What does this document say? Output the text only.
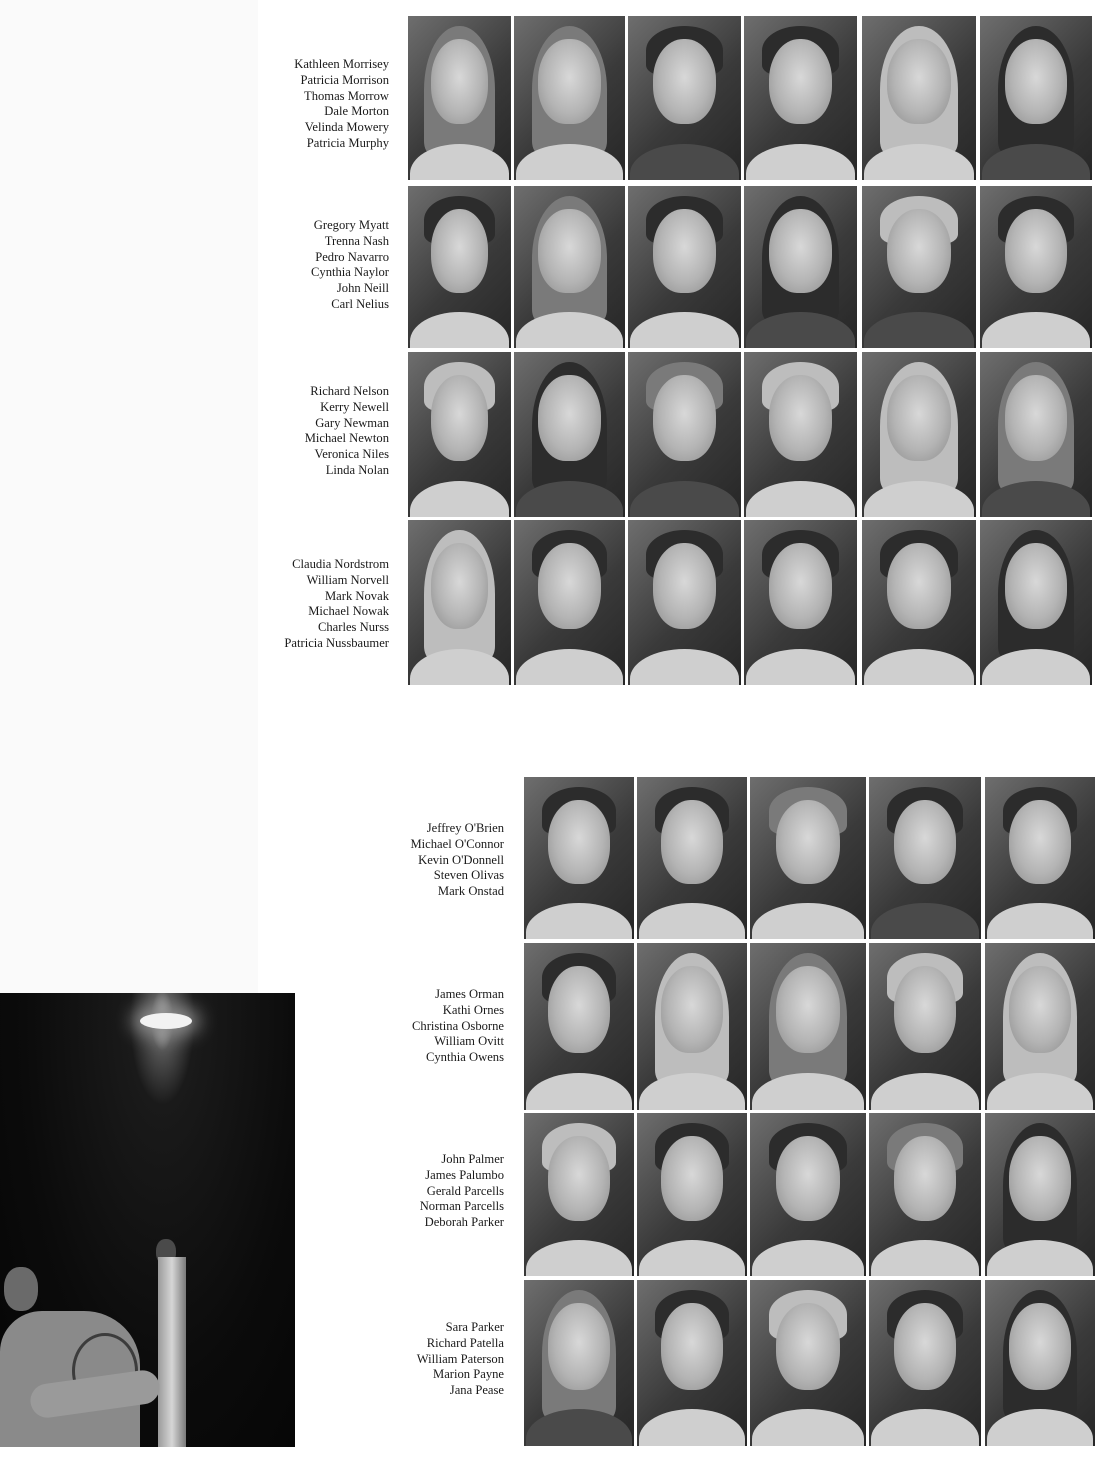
Kathleen Morrisey
Patricia Morrison
Thomas Morrow
Dale Morton
Velinda Mowery
Patricia Murphy
Gregory Myatt
Trenna Nash
Pedro Navarro
Cynthia Naylor
John Neill
Carl Nelius
Richard Nelson
Kerry Newell
Gary Newman
Michael Newton
Veronica Niles
Linda Nolan
Claudia Nordstrom
William Norvell
Mark Novak
Michael Nowak
Charles Nurss
Patricia Nussbaumer
Jeffrey O'Brien
Michael O'Connor
Kevin O'Donnell
Steven Olivas
Mark Onstad
James Orman
Kathi Ornes
Christina Osborne
William Ovitt
Cynthia Owens
John Palmer
James Palumbo
Gerald Parcells
Norman Parcells
Deborah Parker
Sara Parker
Richard Patella
William Paterson
Marion Payne
Jana Pease
